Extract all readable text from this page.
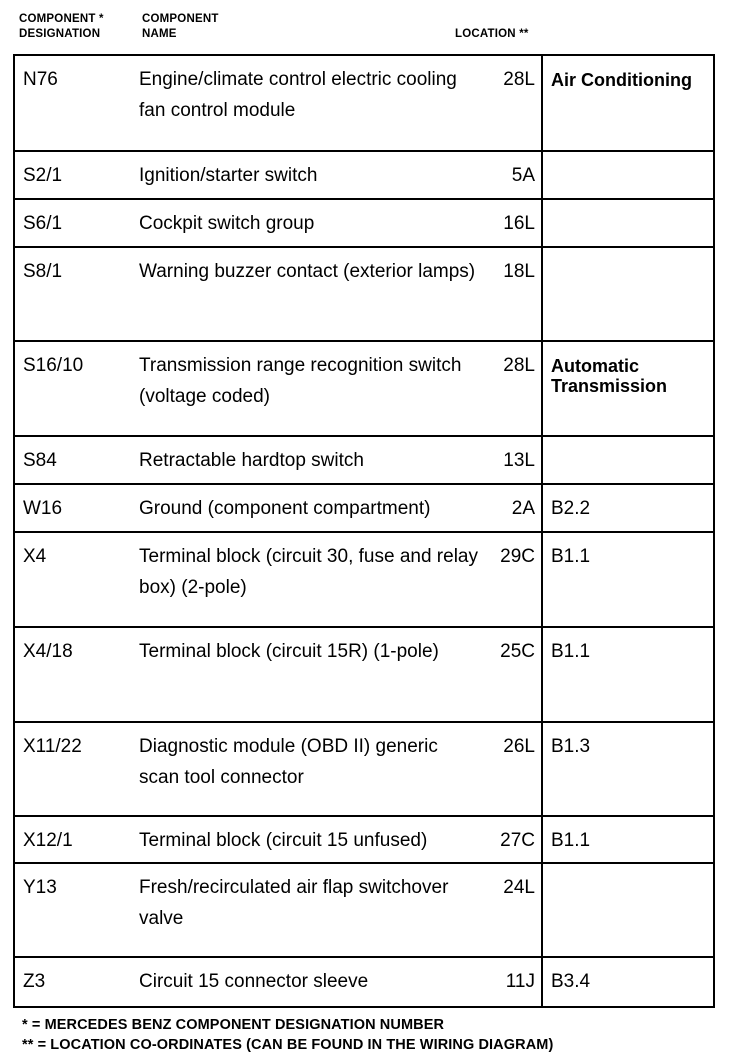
COMPONENT *
DESIGNATION
COMPONENT
NAME	LOCATION **
N76	Engine/climate control electric cooling fan control module	28L	Air Conditioning

S2/1	Ignition/starter switch	5A	
S6/1	Cockpit switch group	16L	
S8/1	Warning buzzer contact (exterior lamps)	18L	
S16/10	Transmission range recognition switch (voltage coded)	28L	Automatic Transmission

S84	Retractable hardtop switch	13L	
W16	Ground (component compartment)	2A	B2.2
X4	Terminal block (circuit 30, fuse and relay box) (2-pole)	29C	B1.1
X4/18	Terminal block (circuit 15R) (1-pole)	25C	B1.1
X11/22	Diagnostic module (OBD II) generic scan tool connector	26L	B1.3
X12/1	Terminal block (circuit 15 unfused)	27C	B1.1
Y13	Fresh/recirculated air flap switchover valve	24L	
Z3	Circuit 15 connector sleeve	11J	B3.4
* = MERCEDES BENZ COMPONENT DESIGNATION NUMBER
** = LOCATION CO-ORDINATES (CAN BE FOUND IN THE WIRING DIAGRAM)
